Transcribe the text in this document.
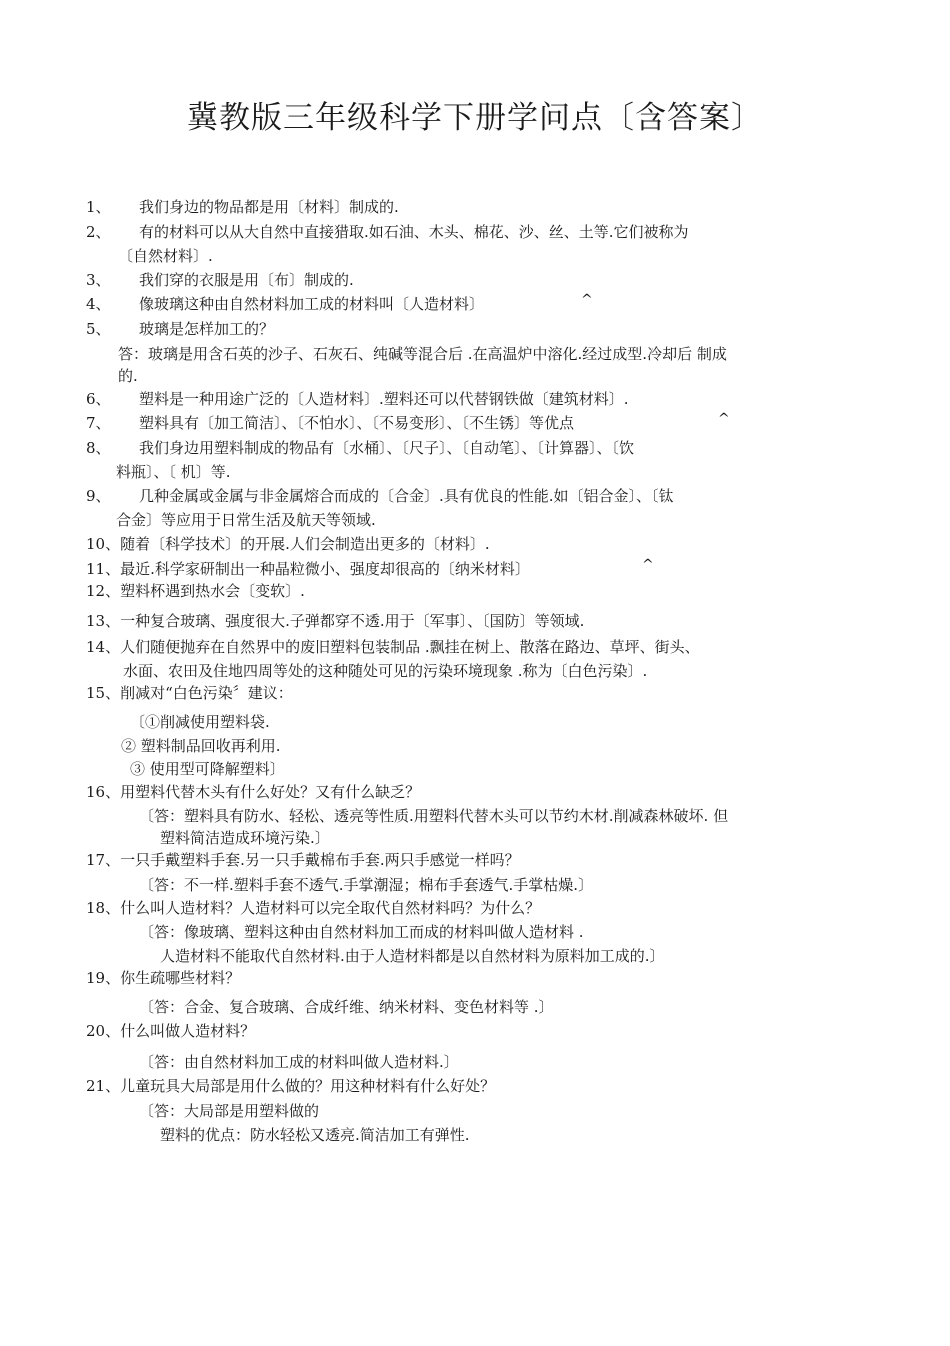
冀教版三年级科学下册学问点〔含答案〕
1、 我们身边的物品都是用〔材料〕制成的.
2、 有的材料可以从大自然中直接猎取.如石油、木头、棉花、沙、丝、土等.它们被称为
〔自然材料〕.
3、 我们穿的衣服是用〔布〕制成的.
4、 像玻璃这种由自然材料加工成的材料叫〔人造材料〕	^
5、 玻璃是怎样加工的？
答：玻璃是用含石英的沙子、石灰石、纯碱等混合后 .在高温炉中溶化.经过成型.冷却后 制成
的.
6、 塑料是一种用途广泛的〔人造材料〕.塑料还可以代替钢铁做〔建筑材料〕.
7、 塑料具有〔加工简洁〕、〔不怕水〕、〔不易变形〕、〔不生锈〕等优点	^
8、 我们身边用塑料制成的物品有〔水桶〕、〔尺子〕、〔自动笔〕、〔计算器〕、〔饮
料瓶〕、〔 机〕等.
9、 几种金属或金属与非金属熔合而成的〔合金〕.具有优良的性能.如〔铝合金〕、〔钛
合金〕等应用于日常生活及航天等领域.
10、随着〔科学技术〕的开展.人们会制造出更多的〔材料〕.
11、最近.科学家研制出一种晶粒微小、强度却很高的〔纳米材料〕	^
12、塑料杯遇到热水会〔变软〕.
13、一种复合玻璃、强度很大.子弹都穿不透.用于〔军事〕、〔国防〕等领域.
14、人们随便抛弃在自然界中的废旧塑料包装制品 .飘挂在树上、散落在路边、草坪、街头、
水面、农田及住地四周等处的这种随处可见的污染环境现象 .称为〔白色污染〕.
15、削减对“白色污染〞建议：
〔①削减使用塑料袋.
② 塑料制品回收再利用.
③ 使用型可降解塑料〕
16、用塑料代替木头有什么好处？又有什么缺乏？
〔答：塑料具有防水、轻松、透亮等性质.用塑料代替木头可以节约木材.削减森林破坏. 但
塑料简洁造成环境污染.〕
17、一只手戴塑料手套.另一只手戴棉布手套.两只手感觉一样吗？
〔答：不一样.塑料手套不透气.手掌潮湿；棉布手套透气.手掌枯燥.〕
18、什么叫人造材料？人造材料可以完全取代自然材料吗？为什么？
〔答：像玻璃、塑料这种由自然材料加工而成的材料叫做人造材料 .
人造材料不能取代自然材料.由于人造材料都是以自然材料为原料加工成的.〕
19、你生疏哪些材料？
〔答：合金、复合玻璃、合成纤维、纳米材料、变色材料等 .〕
20、什么叫做人造材料？
〔答：由自然材料加工成的材料叫做人造材料.〕
21、儿童玩具大局部是用什么做的？用这种材料有什么好处？
〔答：大局部是用塑料做的
塑料的优点：防水轻松又透亮.简洁加工有弹性.
